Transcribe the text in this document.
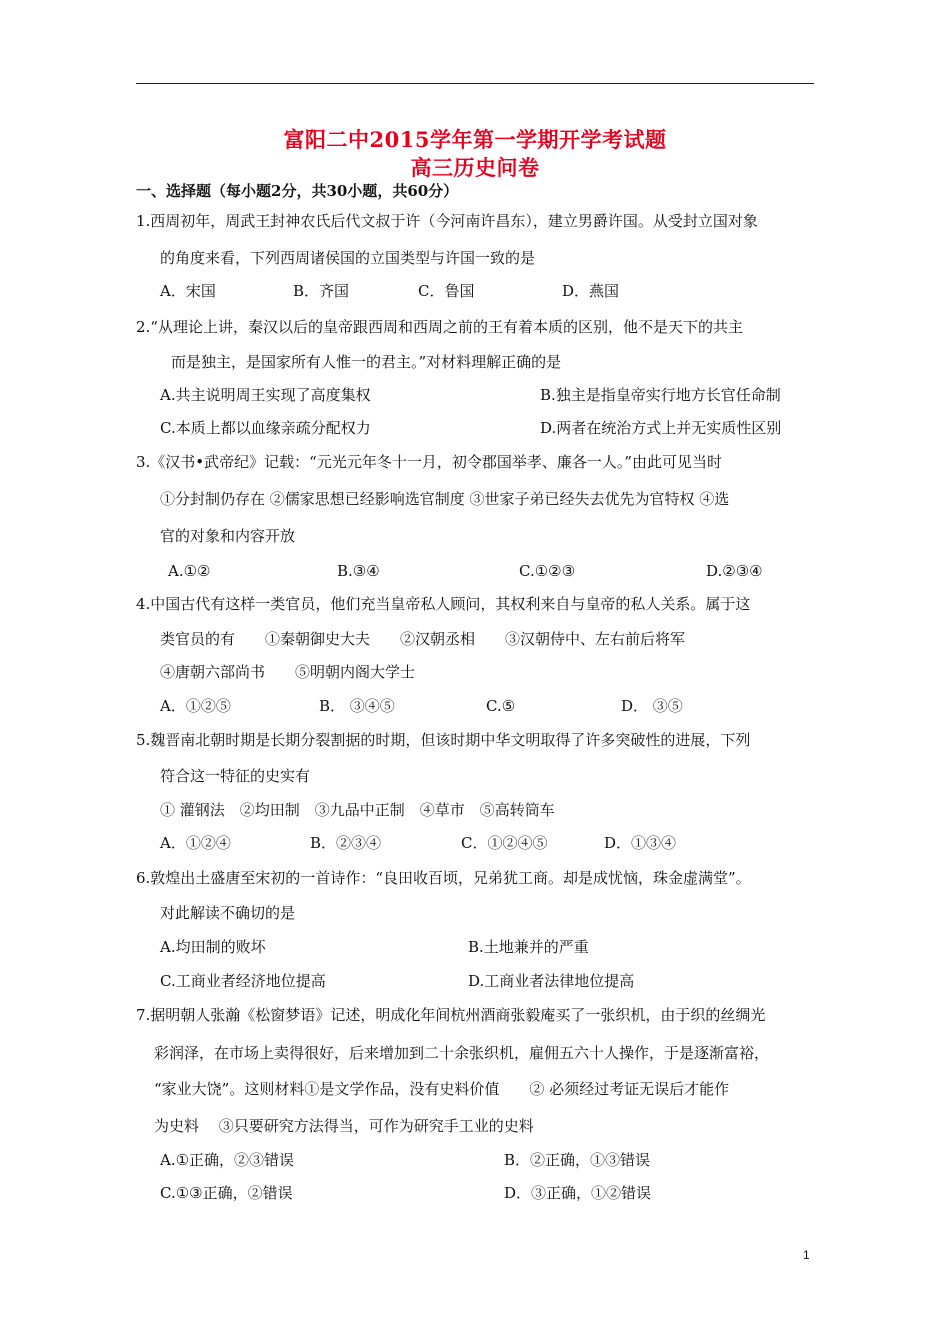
富阳二中2015学年第一学期开学考试题
高三历史问卷
一、选择题（每小题2分，共30小题，共60分）
1.西周初年，周武王封神农氏后代文叔于许（今河南许昌东），建立男爵许国。从受封立国对象
的角度来看，下列西周诸侯国的立国类型与许国一致的是
A．宋国	B．齐国	C．鲁国	D．燕国
2.“从理论上讲，秦汉以后的皇帝跟西周和西周之前的王有着本质的区别，他不是天下的共主
而是独主，是国家所有人惟一的君主。”对材料理解正确的是
A.共主说明周王实现了高度集权	B.独主是指皇帝实行地方长官任命制
C.本质上都以血缘亲疏分配权力	D.两者在统治方式上并无实质性区别
3.《汉书•武帝纪》记载：“元光元年冬十一月，初令郡国举孝、廉各一人。”由此可见当时
①分封制仍存在 ②儒家思想已经影响选官制度 ③世家子弟已经失去优先为官特权 ④选
官的对象和内容开放
A.①②	B.③④	C.①②③	D.②③④
4.中国古代有这样一类官员，他们充当皇帝私人顾问，其权利来自与皇帝的私人关系。属于这
类官员的有　　①秦朝御史大夫　　②汉朝丞相　　③汉朝侍中、左右前后将军
④唐朝六部尚书　　⑤明朝内阁大学士
A．①②⑤	B． ③④⑤	C.⑤	D． ③⑤
5.魏晋南北朝时期是长期分裂割据的时期，但该时期中华文明取得了许多突破性的进展，下列
符合这一特征的史实有
① 灌钢法　②均田制　③九品中正制　④草市　⑤高转筒车
A．①②④	B．②③④	C．①②④⑤	D．①③④
6.敦煌出土盛唐至宋初的一首诗作：“良田收百顷，兄弟犹工商。却是成忧恼，珠金虚满堂”。
对此解读不确切的是
A.均田制的败坏	B.土地兼并的严重
C.工商业者经济地位提高	D.工商业者法律地位提高
7.据明朝人张瀚《松窗梦语》记述，明成化年间杭州酒商张毅庵买了一张织机，由于织的丝绸光
彩润泽，在市场上卖得很好，后来增加到二十余张织机，雇佣五六十人操作，于是逐渐富裕，
“家业大饶”。这则材料①是文学作品，没有史料价值　　② 必须经过考证无误后才能作
为史料　 ③只要研究方法得当，可作为研究手工业的史料
A.①正确，②③错误	B．②正确，①③错误
C.①③正确，②错误	D．③正确，①②错误
1
